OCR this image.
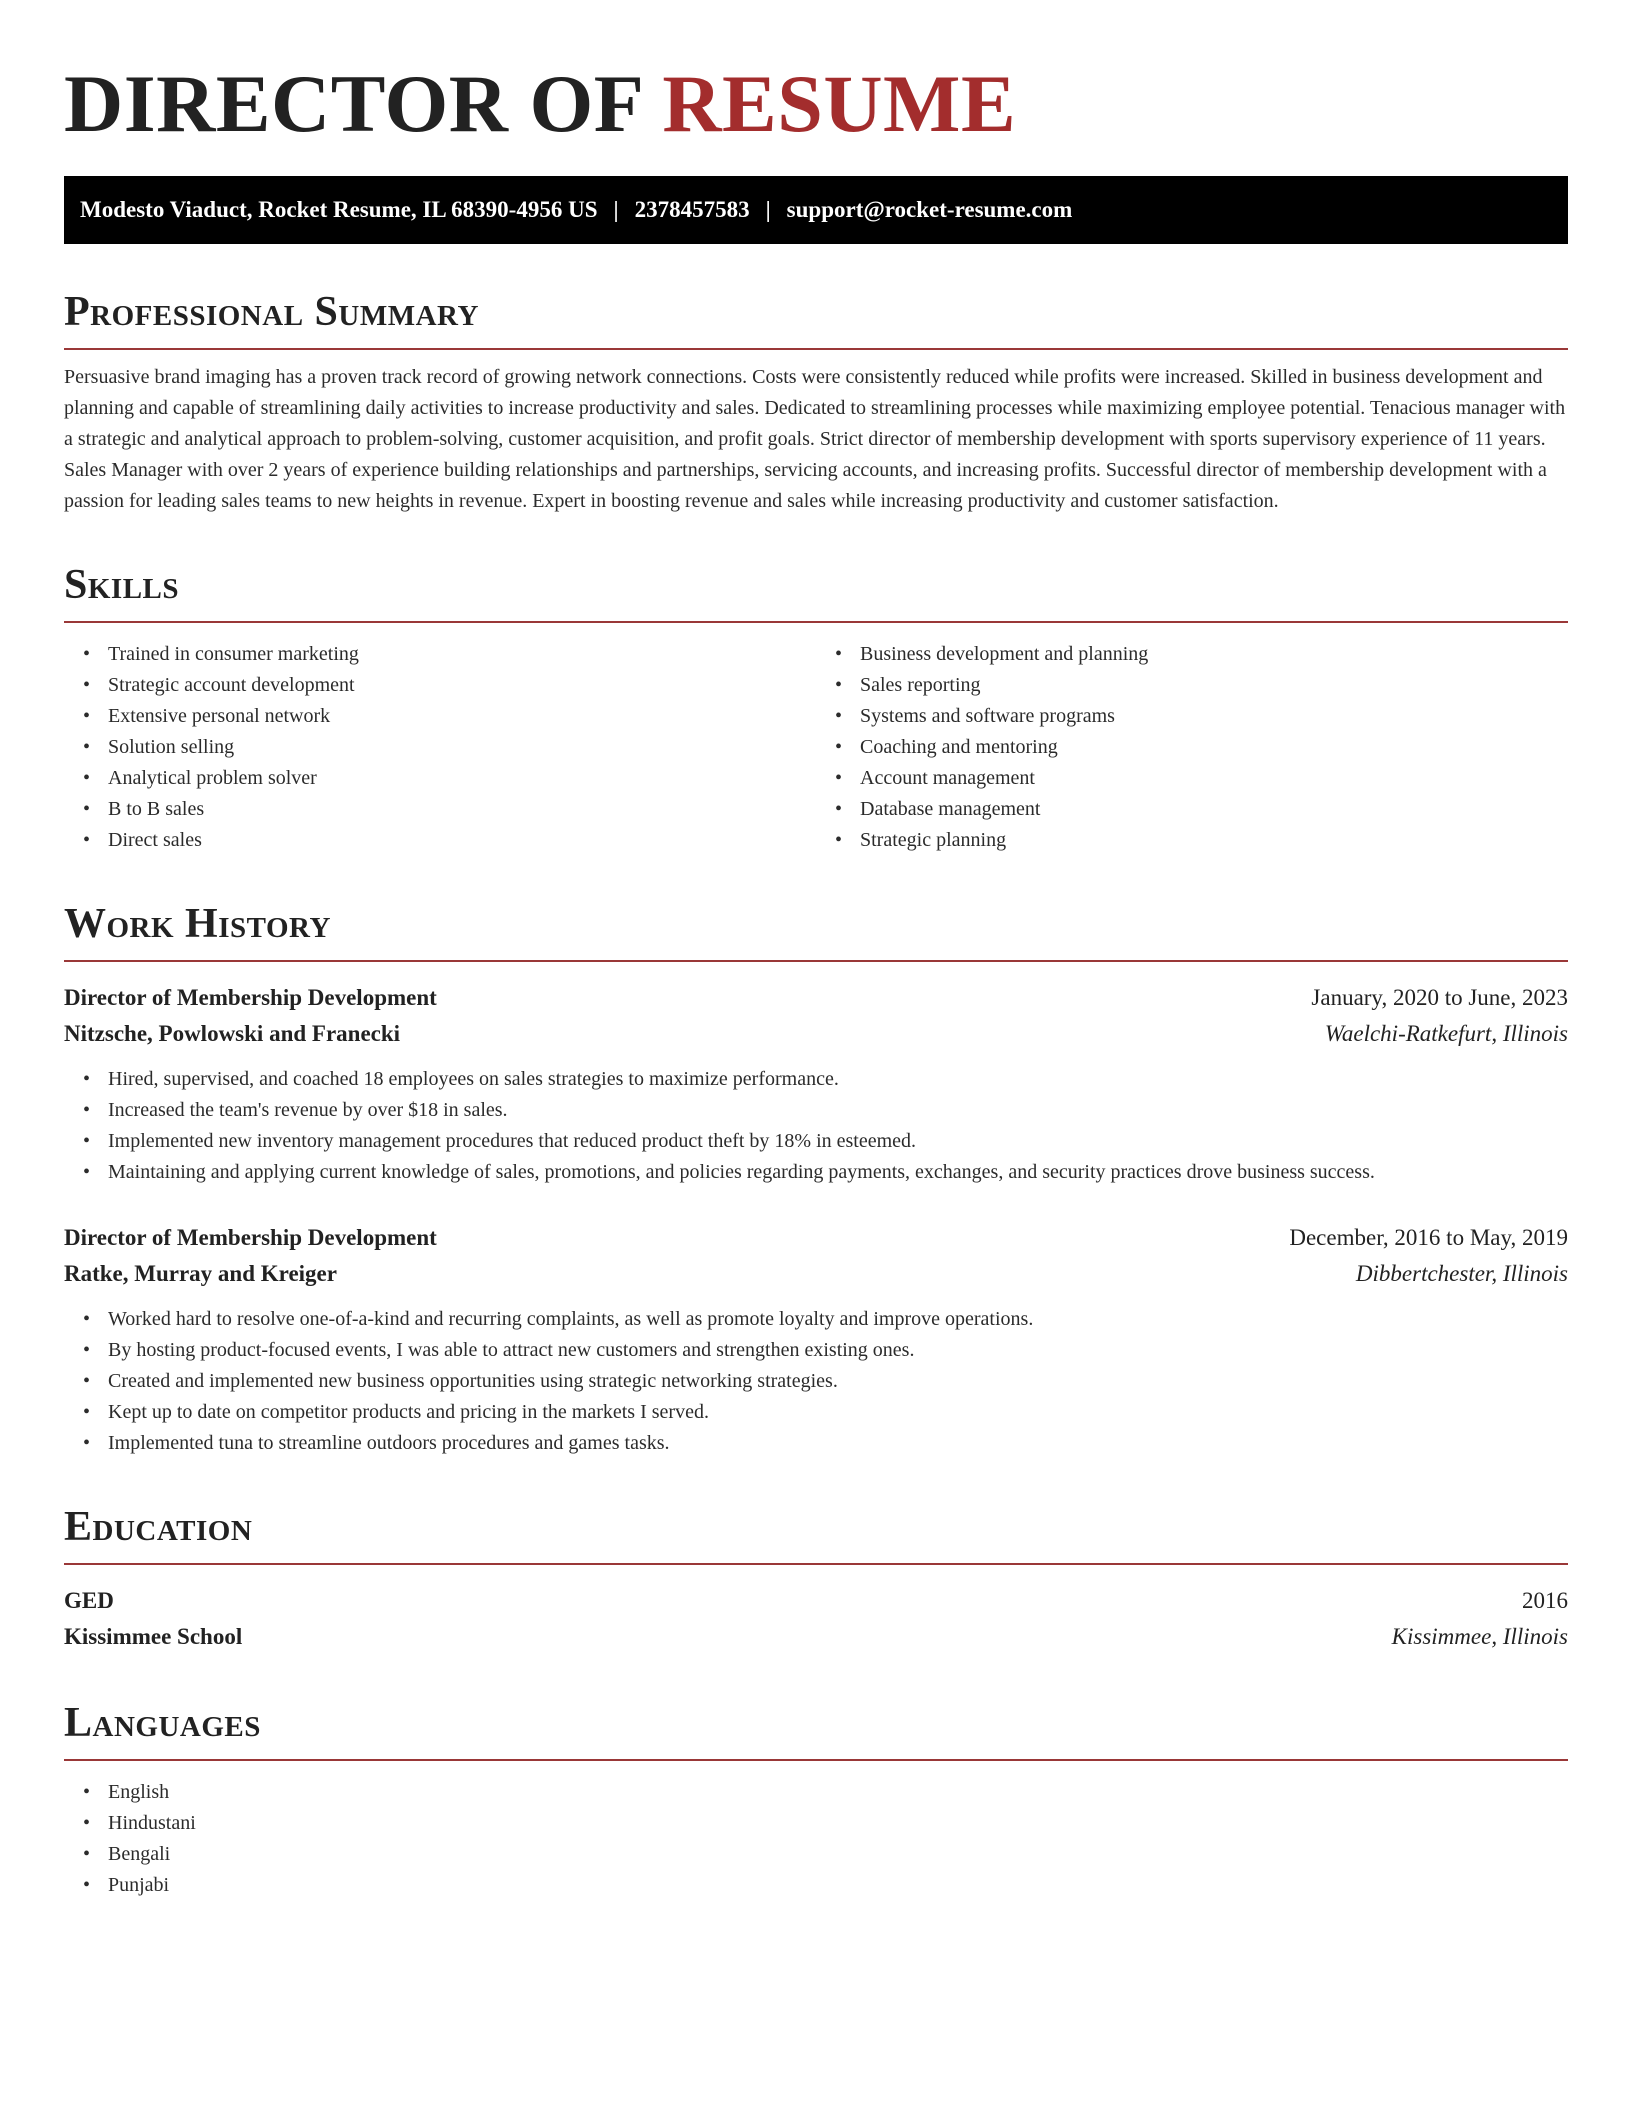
DIRECTOR OF RESUME
Modesto Viaduct, Rocket Resume, IL 68390-4956 US | 2378457583 | support@rocket-resume.com
Professional Summary

Persuasive brand imaging has a proven track record of growing network connections. Costs were consistently reduced while profits were increased. Skilled in business development and planning and capable of streamlining daily activities to increase productivity and sales. Dedicated to streamlining processes while maximizing employee potential. Tenacious manager with a strategic and analytical approach to problem-solving, customer acquisition, and profit goals. Strict director of membership development with sports supervisory experience of 11 years. Sales Manager with over 2 years of experience building relationships and partnerships, servicing accounts, and increasing profits. Successful director of membership development with a passion for leading sales teams to new heights in revenue. Expert in boosting revenue and sales while increasing productivity and customer satisfaction.

Skills
• Trained in consumer marketing
• Strategic account development
• Extensive personal network
• Solution selling
• Analytical problem solver
• B to B sales
• Direct sales
• Business development and planning
• Sales reporting
• Systems and software programs
• Coaching and mentoring
• Account management
• Database management
• Strategic planning
Work History
Director of Membership Development	January, 2020 to June, 2023
Nitzsche, Powlowski and Franecki	Waelchi-Ratkefurt, Illinois
• Hired, supervised, and coached 18 employees on sales strategies to maximize performance.
• Increased the team's revenue by over $18 in sales.
• Implemented new inventory management procedures that reduced product theft by 18% in esteemed.
• Maintaining and applying current knowledge of sales, promotions, and policies regarding payments, exchanges, and security practices drove business success.
Director of Membership Development	December, 2016 to May, 2019
Ratke, Murray and Kreiger	Dibbertchester, Illinois
• Worked hard to resolve one-of-a-kind and recurring complaints, as well as promote loyalty and improve operations.
• By hosting product-focused events, I was able to attract new customers and strengthen existing ones.
• Created and implemented new business opportunities using strategic networking strategies.
• Kept up to date on competitor products and pricing in the markets I served.
• Implemented tuna to streamline outdoors procedures and games tasks.
Education
GED	2016
Kissimmee School	Kissimmee, Illinois
Languages
• English
• Hindustani
• Bengali
• Punjabi
